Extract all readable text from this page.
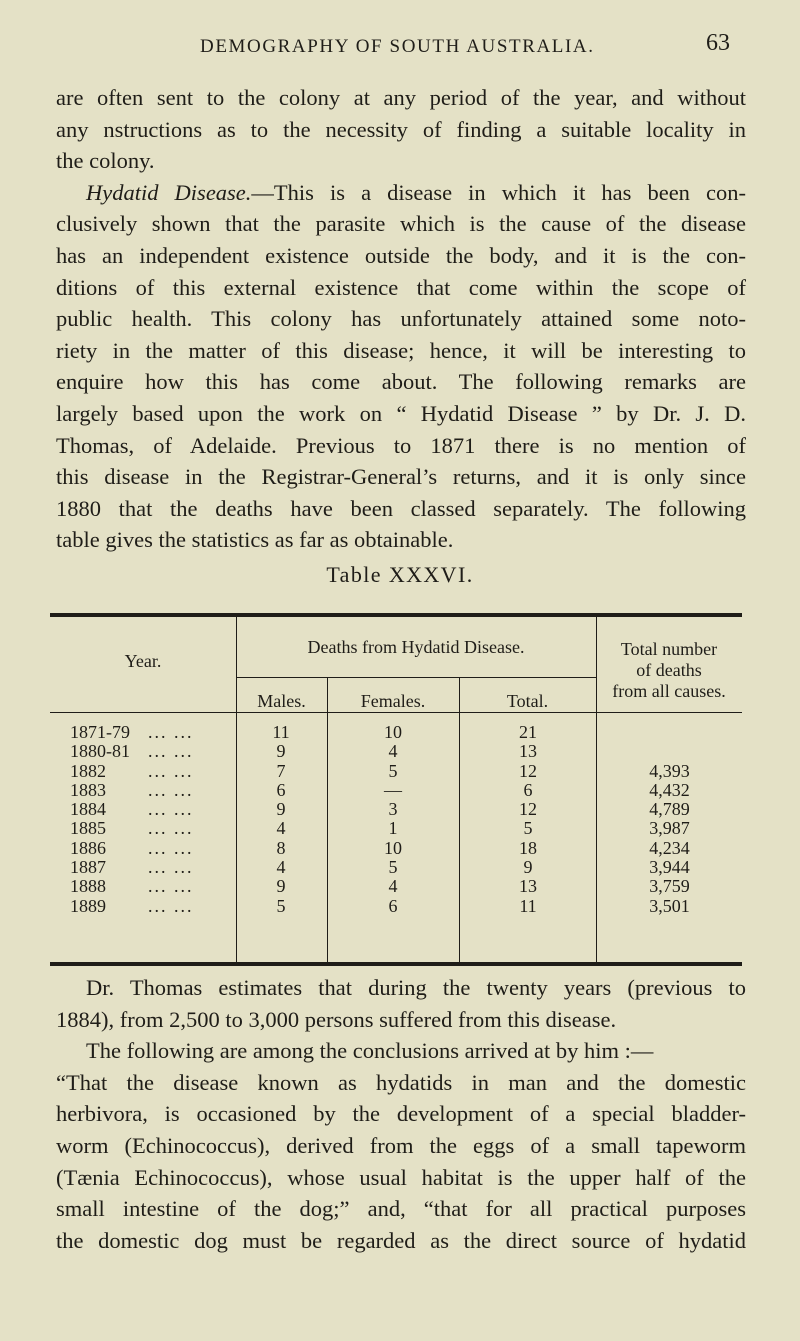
DEMOGRAPHY OF SOUTH AUSTRALIA.	63

are often sent to the colony at any period of the year, and without
any nstructions as to the necessity of finding a suitable locality in
the colony.

Hydatid Disease.—This is a disease in which it has been con-
clusively shown that the parasite which is the cause of the disease
has an independent existence outside the body, and it is the con-
ditions of this external existence that come within the scope of
public health. This colony has unfortunately attained some noto-
riety in the matter of this disease; hence, it will be interesting to
enquire how this has come about. The following remarks are
largely based upon the work on “ Hydatid Disease ” by Dr. J. D.
Thomas, of Adelaide. Previous to 1871 there is no mention of
this disease in the Registrar-General’s returns, and it is only since
1880 that the deaths have been classed separately. The following
table gives the statistics as far as obtainable.

Table XXXVI.
Year.
Deaths from Hydatid Disease.
Males.	Females.	Total.
Total number
of deaths
from all causes.
1871-79 ... ...	11	10	21
1880-81 ... ...	9	4	13
1882 ... ...	7	5	12	4,393
1883 ... ...	6	—	6	4,432
1884 ... ...	9	3	12	4,789
1885 ... ...	4	1	5	3,987
1886 ... ...	8	10	18	4,234
1887 ... ...	4	5	9	3,944
1888 ... ...	9	4	13	3,759
1889 ... ...	5	6	11	3,501

Dr. Thomas estimates that during the twenty years (previous to
1884), from 2,500 to 3,000 persons suffered from this disease.

The following are among the conclusions arrived at by him :—

“That the disease known as hydatids in man and the domestic
herbivora, is occasioned by the development of a special bladder-
worm (Echinococcus), derived from the eggs of a small tapeworm
(Tænia Echinococcus), whose usual habitat is the upper half of the
small intestine of the dog;” and, “that for all practical purposes
the domestic dog must be regarded as the direct source of hydatid
